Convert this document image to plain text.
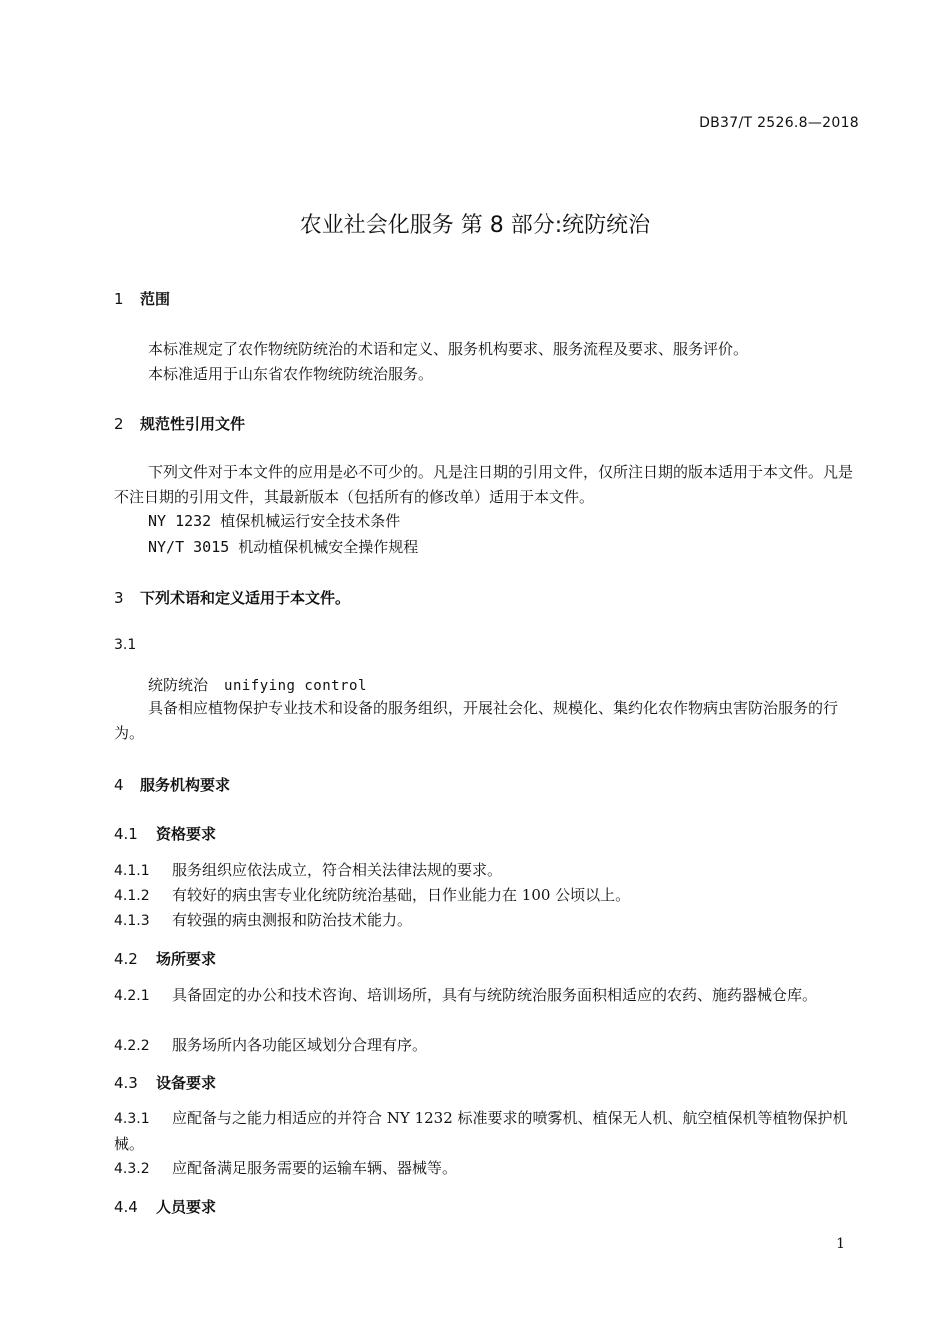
DB37/T 2526.8—2018
农业社会化服务 第 8 部分:统防统治
1 范围
本标准规定了农作物统防统治的术语和定义、服务机构要求、服务流程及要求、服务评价。
本标准适用于山东省农作物统防统治服务。
2 规范性引用文件
下列文件对于本文件的应用是必不可少的。凡是注日期的引用文件，仅所注日期的版本适用于本文件。凡是不注日期的引用文件，其最新版本（包括所有的修改单）适用于本文件。
NY 1232 植保机械运行安全技术条件
NY/T 3015 机动植保机械安全操作规程
3 下列术语和定义适用于本文件。
3.1
统防统治 unifying control
具备相应植物保护专业技术和设备的服务组织，开展社会化、规模化、集约化农作物病虫害防治服务的行为。
4 服务机构要求
4.1 资格要求
4.1.1 服务组织应依法成立，符合相关法律法规的要求。
4.1.2 有较好的病虫害专业化统防统治基础，日作业能力在 100 公顷以上。
4.1.3 有较强的病虫测报和防治技术能力。
4.2 场所要求
4.2.1 具备固定的办公和技术咨询、培训场所，具有与统防统治服务面积相适应的农药、施药器械仓库。
4.2.2 服务场所内各功能区域划分合理有序。
4.3 设备要求
4.3.1 应配备与之能力相适应的并符合 NY 1232 标准要求的喷雾机、植保无人机、航空植保机等植物保护机械。
4.3.2 应配备满足服务需要的运输车辆、器械等。
4.4 人员要求
1
